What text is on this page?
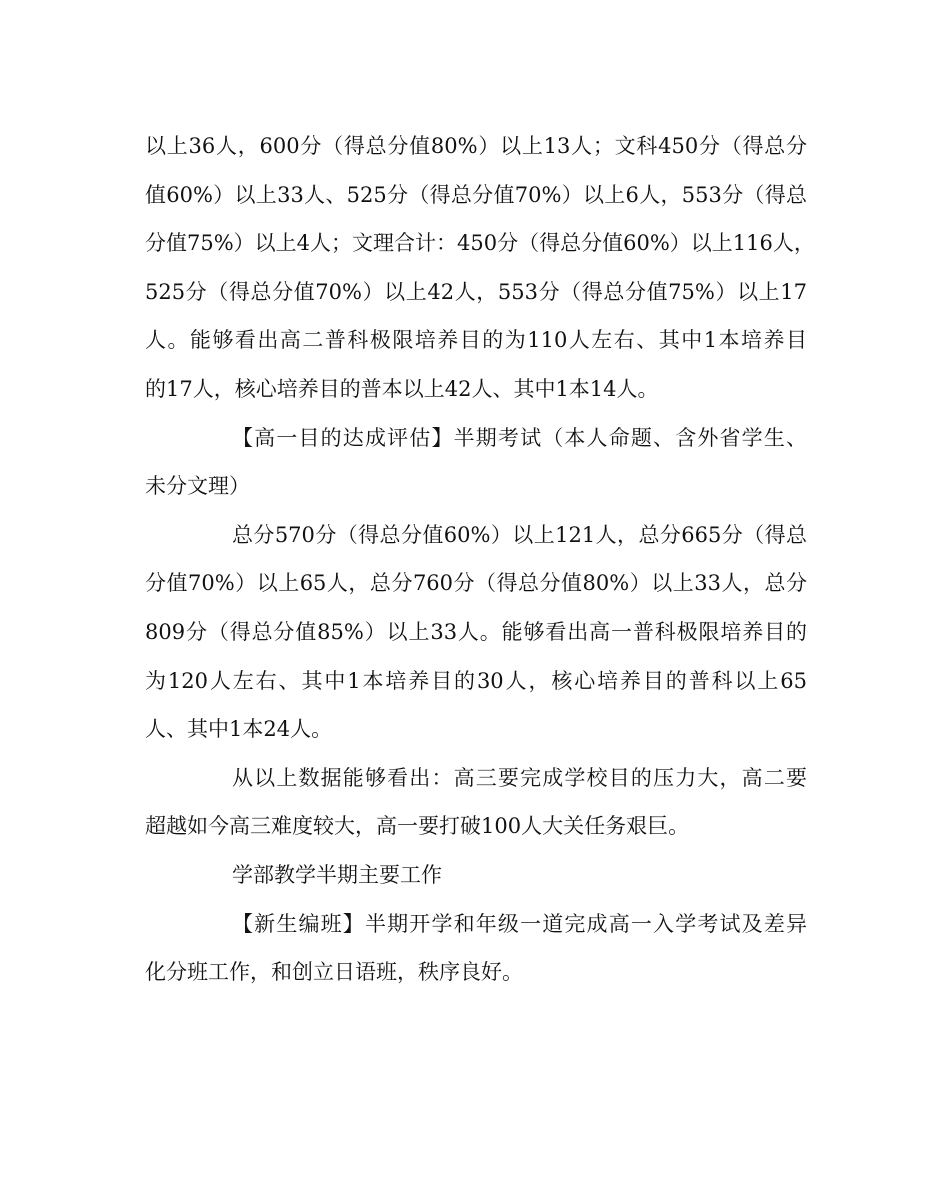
以上36人，600分（得总分值80%）以上13人；文科450分（得总分
值60%）以上33人、525分（得总分值70%）以上6人，553分（得总
分值75%）以上4人；文理合计：450分（得总分值60%）以上116人，
525分（得总分值70%）以上42人，553分（得总分值75%）以上17
人。能够看出高二普科极限培养目的为110人左右、其中1本培养目
的17人，核心培养目的普本以上42人、其中1本14人。
【高一目的达成评估】半期考试（本人命题、含外省学生、
未分文理）
总分570分（得总分值60%）以上121人，总分665分（得总
分值70%）以上65人，总分760分（得总分值80%）以上33人，总分
809分（得总分值85%）以上33人。能够看出高一普科极限培养目的
为120人左右、其中1本培养目的30人，核心培养目的普科以上65
人、其中1本24人。
从以上数据能够看出：高三要完成学校目的压力大，高二要
超越如今高三难度较大，高一要打破100人大关任务艰巨。
学部教学半期主要工作
【新生编班】半期开学和年级一道完成高一入学考试及差异
化分班工作，和创立日语班，秩序良好。
